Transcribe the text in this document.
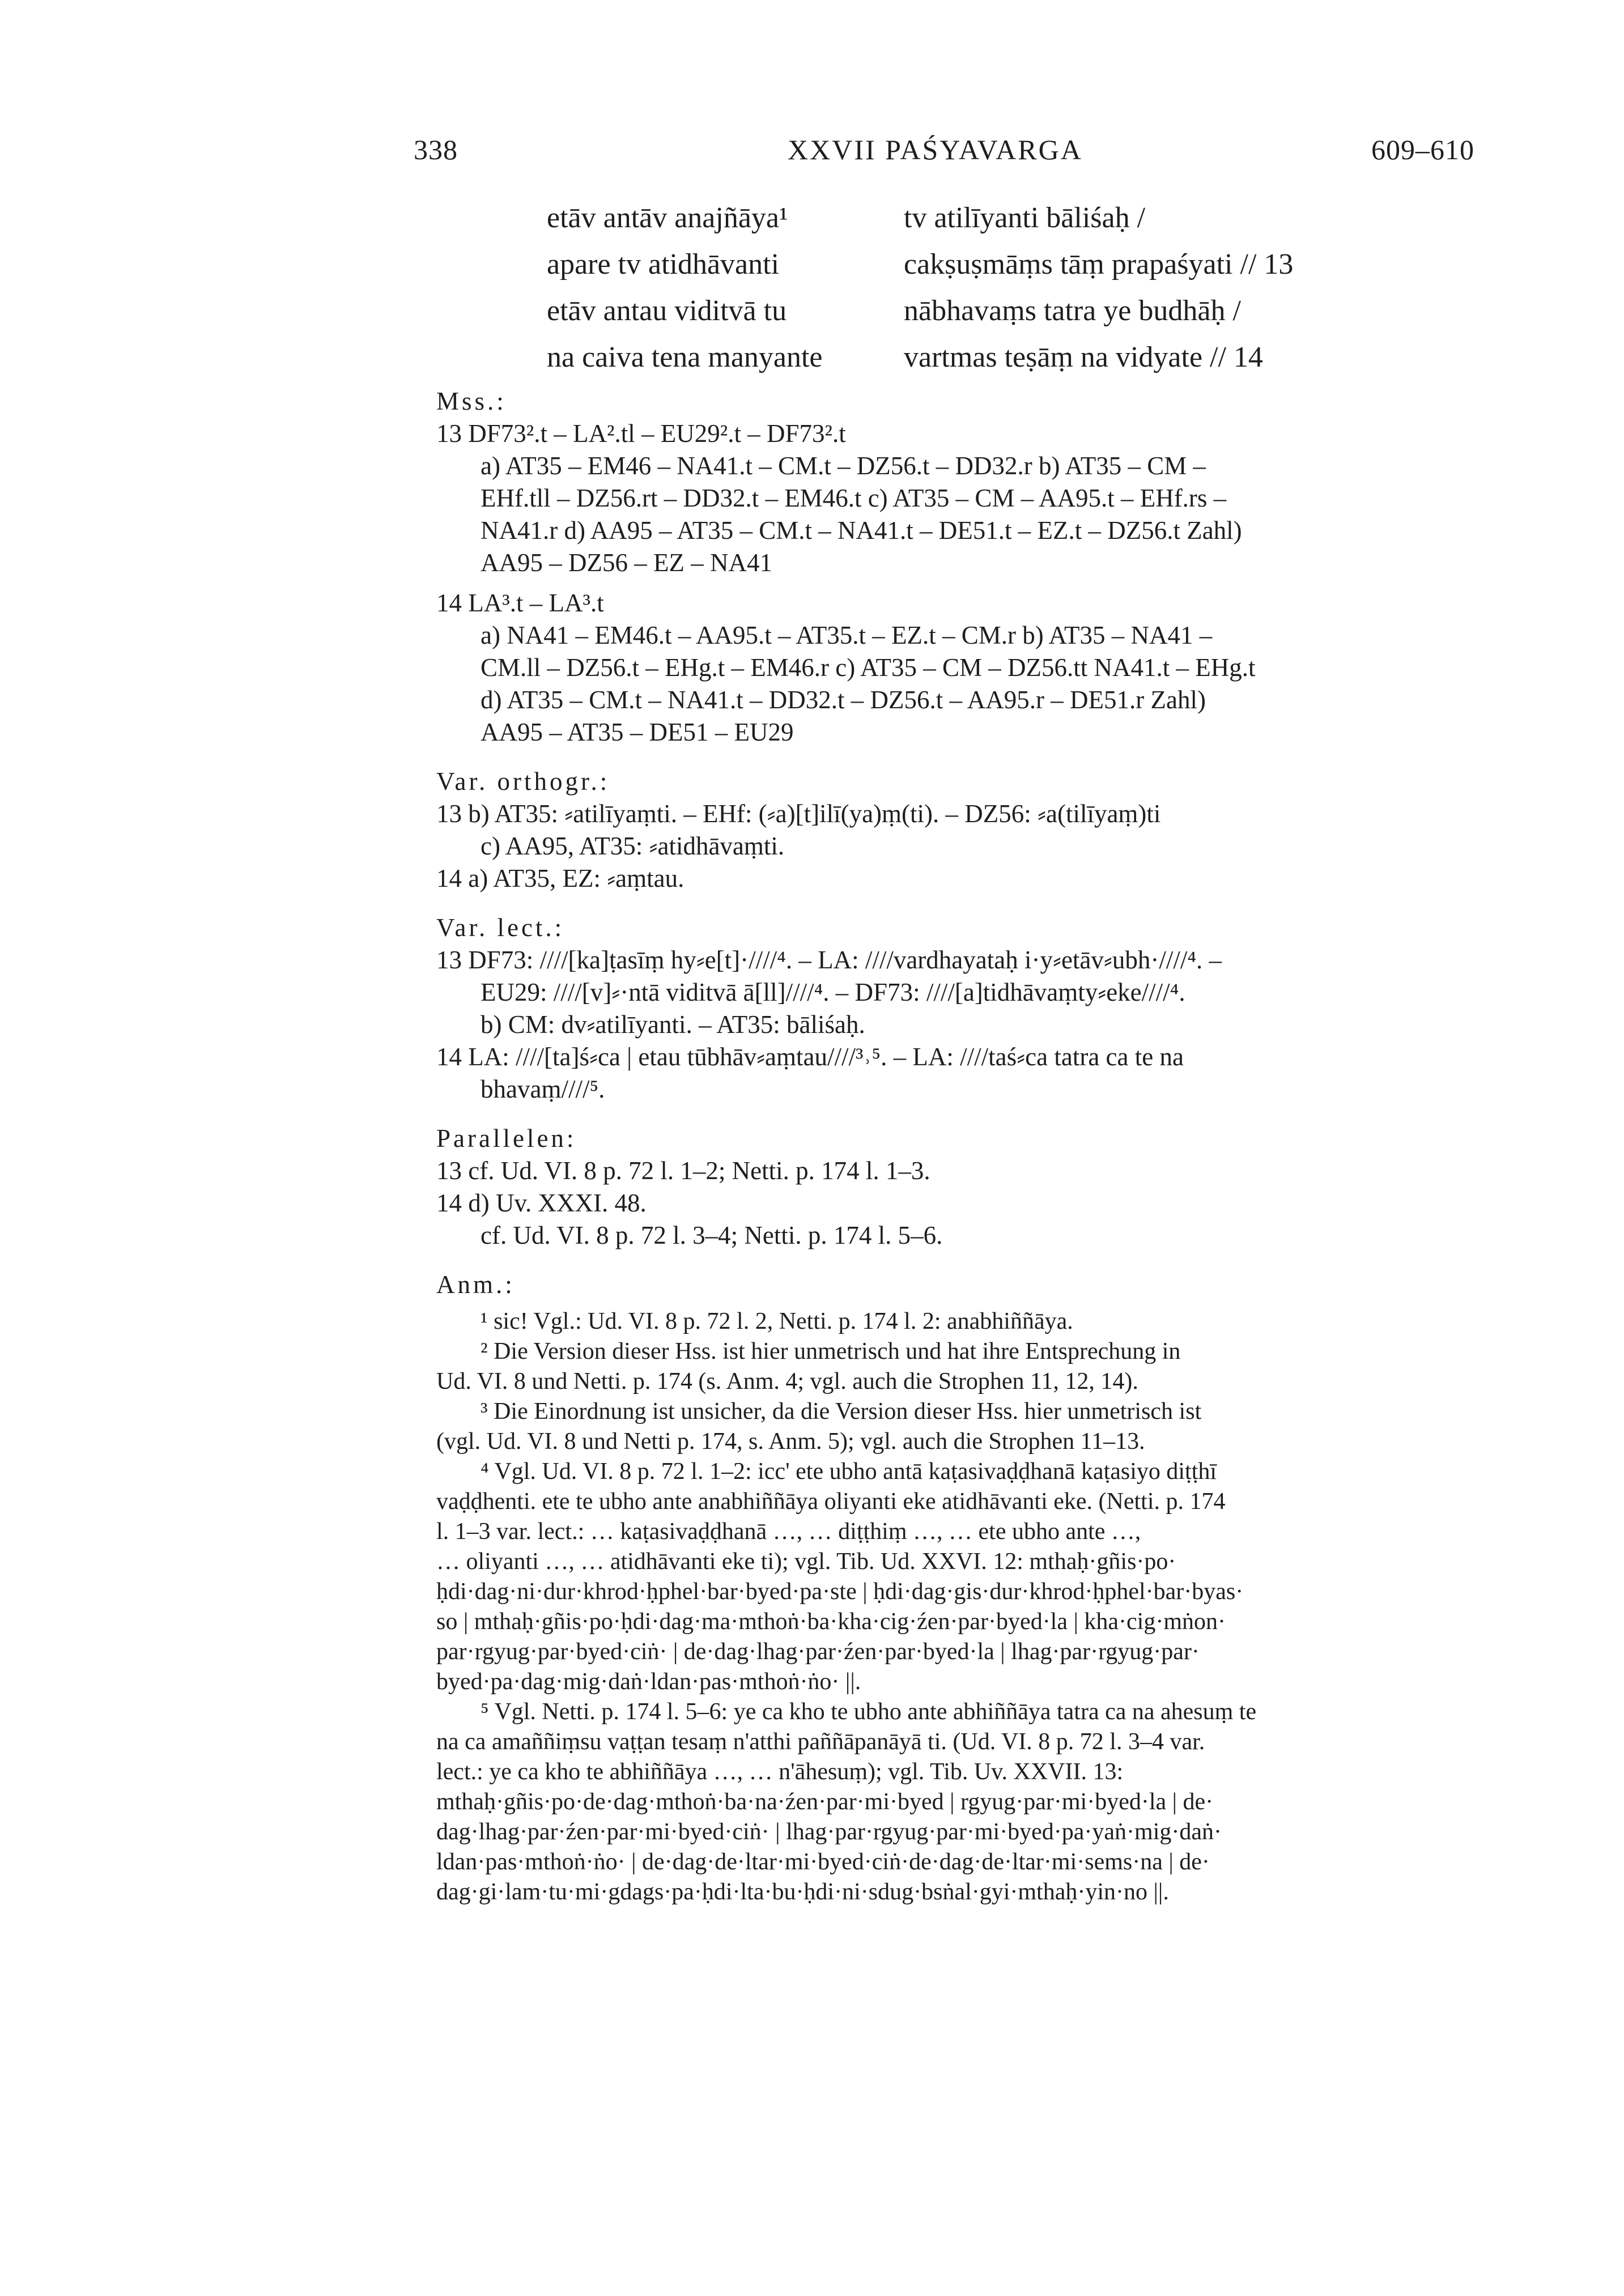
338	XXVII PAŚYAVARGA	609–610
etāv antāv anajñāya¹	tv atilīyanti bāliśaḥ /
apare tv atidhāvanti	cakṣuṣmāṃs tāṃ prapaśyati // 13
etāv antau viditvā tu	nābhavaṃs tatra ye budhāḥ /
na caiva tena manyante	vartmas teṣāṃ na vidyate // 14
Mss.:
13 DF73².t – LA².tl – EU29².t – DF73².t
a) AT35 – EM46 – NA41.t – CM.t – DZ56.t – DD32.r b) AT35 – CM –
EHf.tll – DZ56.rt – DD32.t – EM46.t c) AT35 – CM – AA95.t – EHf.rs –
NA41.r d) AA95 – AT35 – CM.t – NA41.t – DE51.t – EZ.t – DZ56.t Zahl)
AA95 – DZ56 – EZ – NA41
14 LA³.t – LA³.t
a) NA41 – EM46.t – AA95.t – AT35.t – EZ.t – CM.r b) AT35 – NA41 –
CM.ll – DZ56.t – EHg.t – EM46.r c) AT35 – CM – DZ56.tt NA41.t – EHg.t
d) AT35 – CM.t – NA41.t – DD32.t – DZ56.t – AA95.r – DE51.r Zahl)
AA95 – AT35 – DE51 – EU29
Var. orthogr.:
13 b) AT35: ⸗atilīyaṃti. – EHf: (⸗a)[t]ilī(ya)ṃ(ti). – DZ56: ⸗a(tilīyaṃ)ti
c) AA95, AT35: ⸗atidhāvaṃti.
14 a) AT35, EZ: ⸗aṃtau.
Var. lect.:
13 DF73: ////[ka]ṭasīṃ hy⸗e[t]·////⁴. – LA: ////vardhayataḥ i·y⸗etāv⸗ubh·////⁴. –
EU29: ////[v]⸗·ntā viditvā ā[ll]////⁴. – DF73: ////[a]tidhāvaṃty⸗eke////⁴.
b) CM: dv⸗atilīyanti. – AT35: bāliśaḥ.
14 LA: ////[ta]ś⸗ca | etau tūbhāv⸗aṃtau////³˒⁵. – LA: ////taś⸗ca tatra ca te na
bhavaṃ////⁵.
Parallelen:
13 cf. Ud. VI. 8 p. 72 l. 1–2; Netti. p. 174 l. 1–3.
14 d) Uv. XXXI. 48.
cf. Ud. VI. 8 p. 72 l. 3–4; Netti. p. 174 l. 5–6.
Anm.:
¹ sic! Vgl.: Ud. VI. 8 p. 72 l. 2, Netti. p. 174 l. 2: anabhiññāya.
² Die Version dieser Hss. ist hier unmetrisch und hat ihre Entsprechung in
Ud. VI. 8 und Netti. p. 174 (s. Anm. 4; vgl. auch die Strophen 11, 12, 14).
³ Die Einordnung ist unsicher, da die Version dieser Hss. hier unmetrisch ist
(vgl. Ud. VI. 8 und Netti p. 174, s. Anm. 5); vgl. auch die Strophen 11–13.
⁴ Vgl. Ud. VI. 8 p. 72 l. 1–2: icc' ete ubho antā kaṭasivaḍḍhanā kaṭasiyo diṭṭhī
vaḍḍhenti. ete te ubho ante anabhiññāya oliyanti eke atidhāvanti eke. (Netti. p. 174
l. 1–3 var. lect.: … kaṭasivaḍḍhanā …, … diṭṭhiṃ …, … ete ubho ante …,
… oliyanti …, … atidhāvanti eke ti); vgl. Tib. Ud. XXVI. 12: mthaḥ·gñis·po·
ḥdi·dag·ni·dur·khrod·ḥphel·bar·byed·pa·ste | ḥdi·dag·gis·dur·khrod·ḥphel·bar·byas·
so | mthaḥ·gñis·po·ḥdi·dag·ma·mthoṅ·ba·kha·cig·źen·par·byed·la | kha·cig·mṅon·
par·rgyug·par·byed·ciṅ· | de·dag·lhag·par·źen·par·byed·la | lhag·par·rgyug·par·
byed·pa·dag·mig·daṅ·ldan·pas·mthoṅ·ṅo· ||.
⁵ Vgl. Netti. p. 174 l. 5–6: ye ca kho te ubho ante abhiññāya tatra ca na ahesuṃ te
na ca amaññiṃsu vaṭṭan tesaṃ n'atthi paññāpanāyā ti. (Ud. VI. 8 p. 72 l. 3–4 var.
lect.: ye ca kho te abhiññāya …, … n'āhesuṃ); vgl. Tib. Uv. XXVII. 13:
mthaḥ·gñis·po·de·dag·mthoṅ·ba·na·źen·par·mi·byed | rgyug·par·mi·byed·la | de·
dag·lhag·par·źen·par·mi·byed·ciṅ· | lhag·par·rgyug·par·mi·byed·pa·yaṅ·mig·daṅ·
ldan·pas·mthoṅ·ṅo· | de·dag·de·ltar·mi·byed·ciṅ·de·dag·de·ltar·mi·sems·na | de·
dag·gi·lam·tu·mi·gdags·pa·ḥdi·lta·bu·ḥdi·ni·sdug·bsṅal·gyi·mthaḥ·yin·no ||.
